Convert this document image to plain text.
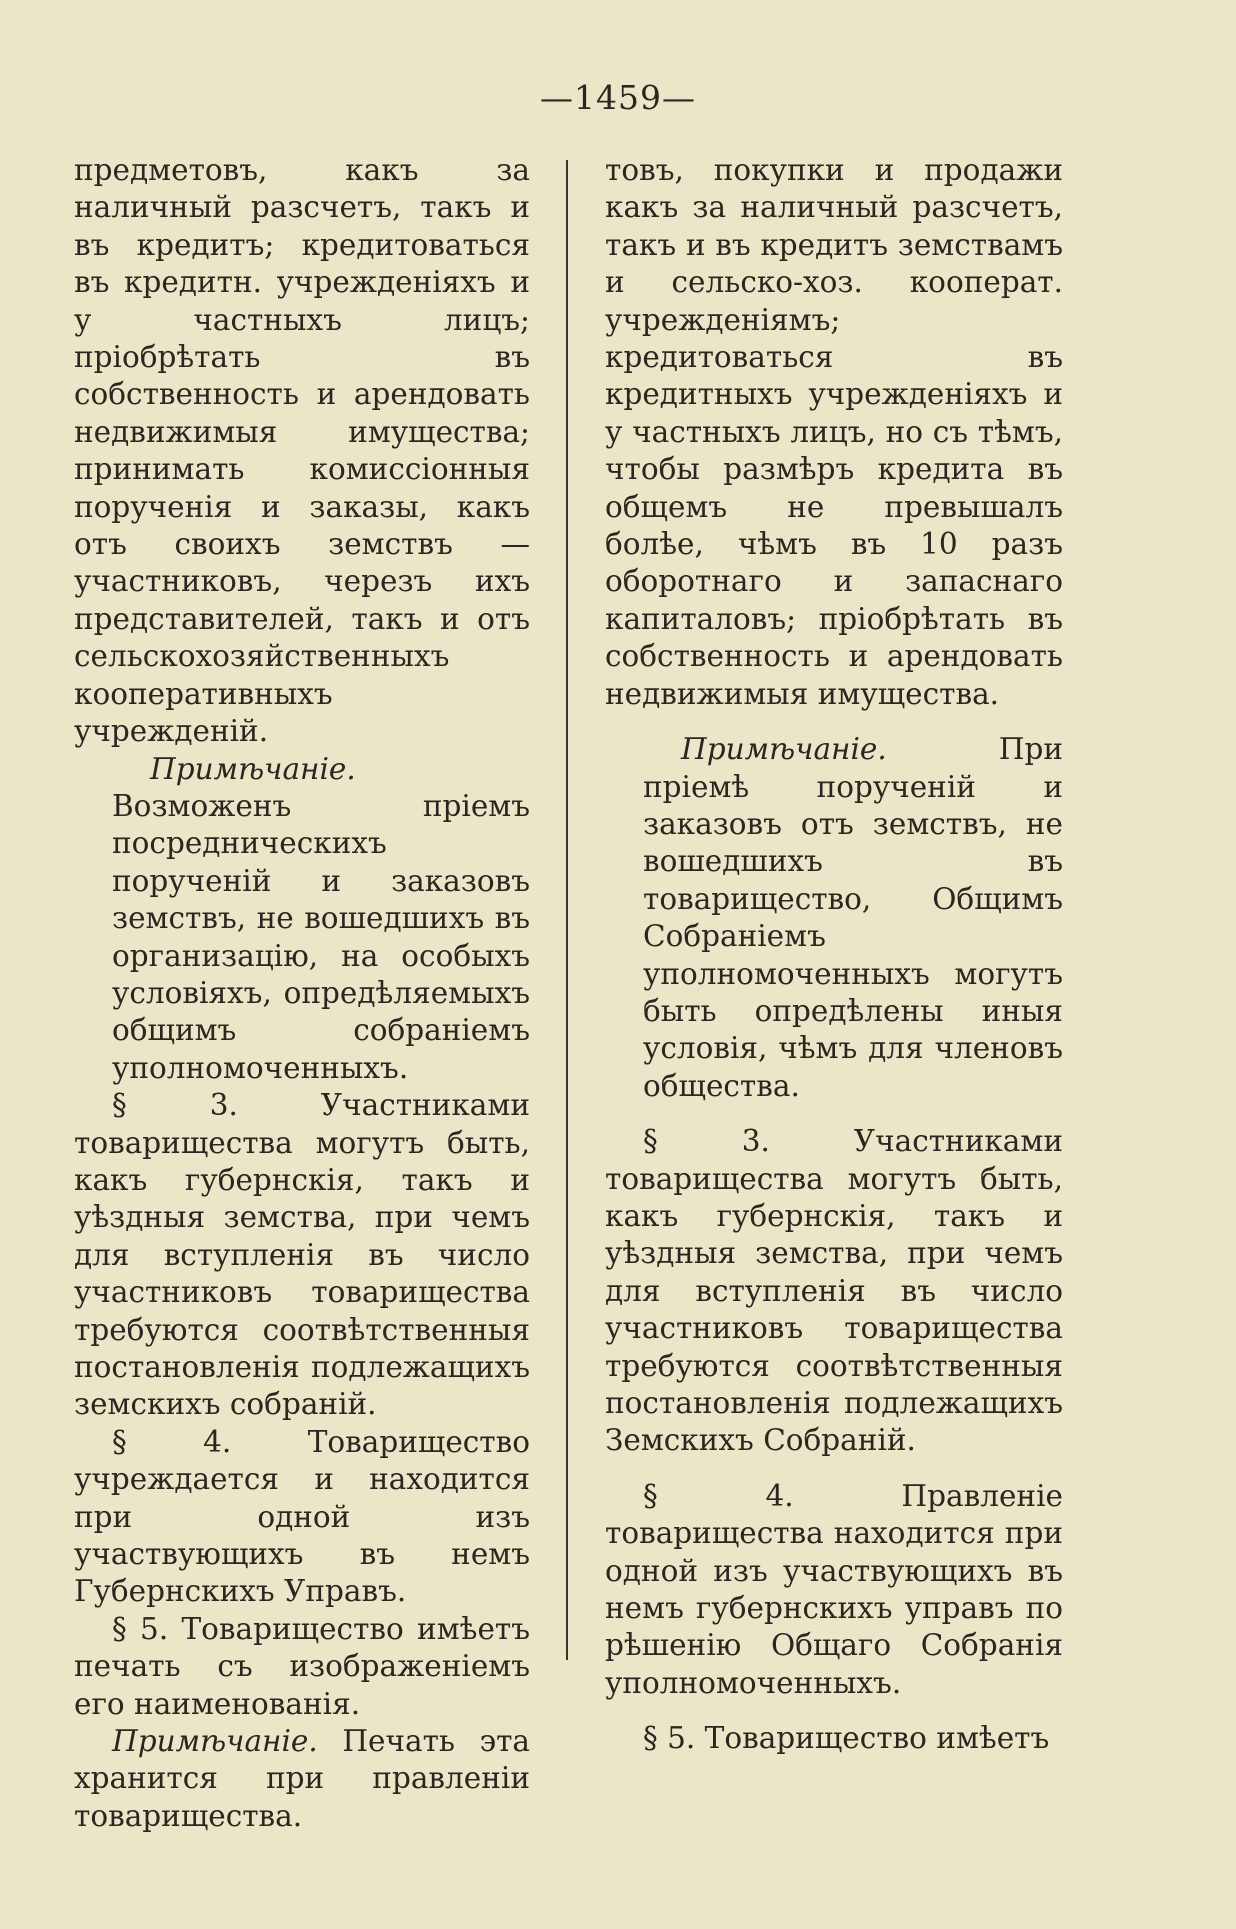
—1459—

предметовъ, какъ за наличный разсчетъ, такъ и въ кредитъ; кредитоваться въ кредитн. учрежденіяхъ и у частныхъ лицъ; пріобрѣтать въ собственность и арендовать недвижимыя имущества; принимать комиссіонныя порученія и заказы, какъ отъ своихъ земствъ — участниковъ, черезъ ихъ представителей, такъ и отъ сельскохозяйственныхъ кооперативныхъ учрежденій.

Примѣчаніе. Возможенъ пріемъ посредническихъ порученій и заказовъ земствъ, не вошедшихъ въ организацію, на особыхъ условіяхъ, опредѣляемыхъ общимъ собраніемъ уполномоченныхъ.

§ 3. Участниками товарищества могутъ быть, какъ губернскія, такъ и уѣздныя земства, при чемъ для вступленія въ число участниковъ товарищества требуются соотвѣтственныя постановленія подлежащихъ земскихъ собраній.

§ 4. Товарищество учреждается и находится при одной изъ участвующихъ въ немъ Губернскихъ Управъ.

§ 5. Товарищество имѣетъ печать съ изображеніемъ его наименованія.

Примѣчаніе. Печать эта хранится при правленіи товарищества.

товъ, покупки и продажи какъ за наличный разсчетъ, такъ и въ кредитъ земствамъ и сельско-хоз. кооперат. учрежденіямъ; кредитоваться въ кредитныхъ учрежденіяхъ и у частныхъ лицъ, но съ тѣмъ, чтобы размѣръ кредита въ общемъ не превышалъ болѣе, чѣмъ въ 10 разъ оборотнаго и запаснаго капиталовъ; пріобрѣтать въ собственность и арендовать недвижимыя имущества.

Примѣчаніе. При пріемѣ порученій и заказовъ отъ земствъ, не вошедшихъ въ товарищество, Общимъ Собраніемъ уполномоченныхъ могутъ быть опредѣлены иныя условія, чѣмъ для членовъ общества.

§ 3. Участниками товарищества могутъ быть, какъ губернскія, такъ и уѣздныя земства, при чемъ для вступленія въ число участниковъ товарищества требуются соотвѣтственныя постановленія подлежащихъ Земскихъ Собраній.

§ 4. Правленіе товарищества находится при одной изъ участвующихъ въ немъ губернскихъ управъ по рѣшенію Общаго Собранія уполномоченныхъ.

§ 5. Товарищество имѣетъ
